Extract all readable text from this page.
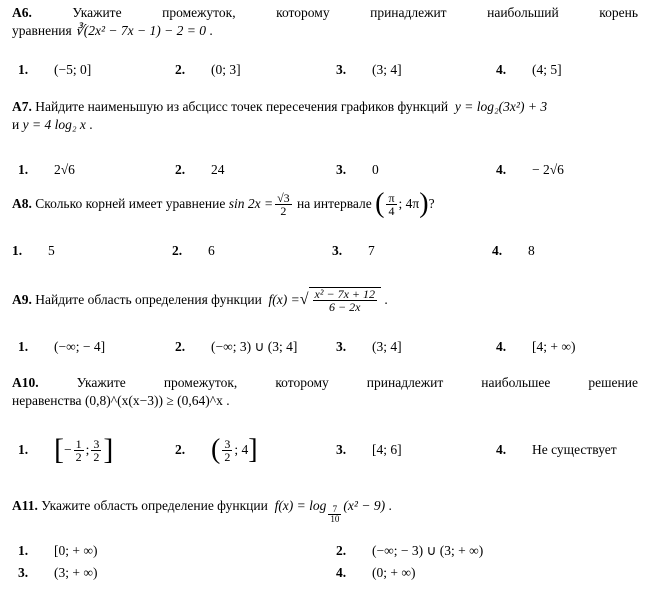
А6.	Укажите промежуток, которому принадлежит наибольший корень
уравнения ∛(2x² − 7x − 1) − 2 = 0 .
1.	(−5; 0]	2.	(0; 3]	3.	(3; 4]	4.	(4; 5]
А7. Найдите наименьшую из абсцисс точек пересечения графиков функций y = log₂(3x²) + 3
и y = 4 log₂ x .
1.	2√6	2.	24	3.	0	4.	− 2√6
А8.
Сколько корней имеет уравнение
$\sin 2x = \frac{√3}{2}$
на интервале
( $\frac{\pi}{4}$ ; 4π ) ?
1.	5	2.	6	3.	7	4.	8
А9.
Найдите область определения функции
f(x) = √ $\frac{\text{x² − 7x + 12}}{6 - 2x}$
.
1.	(−∞; − 4]	2.	(−∞; 3) ∪ (3; 4]	3.	(3; 4]	4.	[4; + ∞)
А10.	Укажите промежуток, которому принадлежит наибольшее решение
неравенства (0,8)^(x(x−3)) ≥ (0,64)^x .
1. [ − $\frac{1}{2}$ ; $\frac{3}{2}$ ]	2. ( $\frac{3}{2}$ ; 4 ]	3.	[4; 6]	4.	Не существует
А11.
Укажите область определение функции
$f(x) = \log \frac{7}{10} (x^2 - 9)$
.
1.	[0; + ∞)	2.	(−∞; − 3) ∪ (3; + ∞)
3.	(3; + ∞)	4.	(0; + ∞)
